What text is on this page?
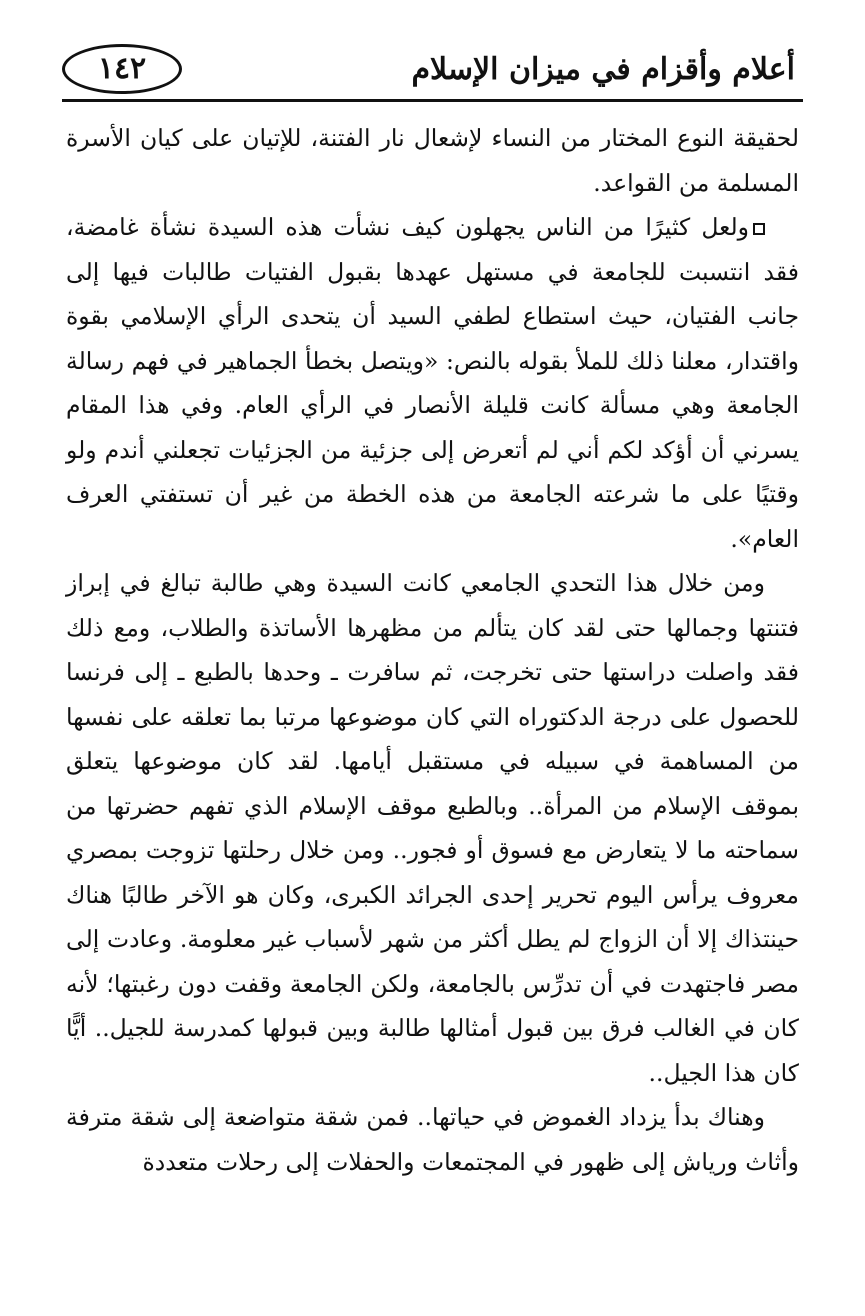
أعلام وأقزام في ميزان الإسلام
١٤٢

لحقيقة النوع المختار من النساء لإشعال نار الفتنة، للإتيان على كيان الأسرة المسلمة من القواعد.

ولعل كثيرًا من الناس يجهلون كيف نشأت هذه السيدة نشأة غامضة، فقد انتسبت للجامعة في مستهل عهدها بقبول الفتيات طالبات فيها إلى جانب الفتيان، حيث استطاع لطفي السيد أن يتحدى الرأي الإسلامي بقوة واقتدار، معلنا ذلك للملأ بقوله بالنص: «ويتصل بخطأ الجماهير في فهم رسالة الجامعة وهي مسألة كانت قليلة الأنصار في الرأي العام. وفي هذا المقام يسرني أن أؤكد لكم أني لم أتعرض إلى جزئية من الجزئيات تجعلني أندم ولو وقتيًا على ما شرعته الجامعة من هذه الخطة من غير أن تستفتي العرف العام».

ومن خلال هذا التحدي الجامعي كانت السيدة وهي طالبة تبالغ في إبراز فتنتها وجمالها حتى لقد كان يتألم من مظهرها الأساتذة والطلاب، ومع ذلك فقد واصلت دراستها حتى تخرجت، ثم سافرت ـ وحدها بالطبع ـ إلى فرنسا للحصول على درجة الدكتوراه التي كان موضوعها مرتبا بما تعلقه على نفسها من المساهمة في سبيله في مستقبل أيامها. لقد كان موضوعها يتعلق بموقف الإسلام من المرأة.. وبالطبع موقف الإسلام الذي تفهم حضرتها من سماحته ما لا يتعارض مع فسوق أو فجور.. ومن خلال رحلتها تزوجت بمصري معروف يرأس اليوم تحرير إحدى الجرائد الكبرى، وكان هو الآخر طالبًا هناك حينتذاك إلا أن الزواج لم يطل أكثر من شهر لأسباب غير معلومة. وعادت إلى مصر فاجتهدت في أن تدرِّس بالجامعة، ولكن الجامعة وقفت دون رغبتها؛ لأنه كان في الغالب فرق بين قبول أمثالها طالبة وبين قبولها كمدرسة للجيل.. أيًّا كان هذا الجيل..

وهناك بدأ يزداد الغموض في حياتها.. فمن شقة متواضعة إلى شقة مترفة وأثاث ورياش إلى ظهور في المجتمعات والحفلات إلى رحلات متعددة
